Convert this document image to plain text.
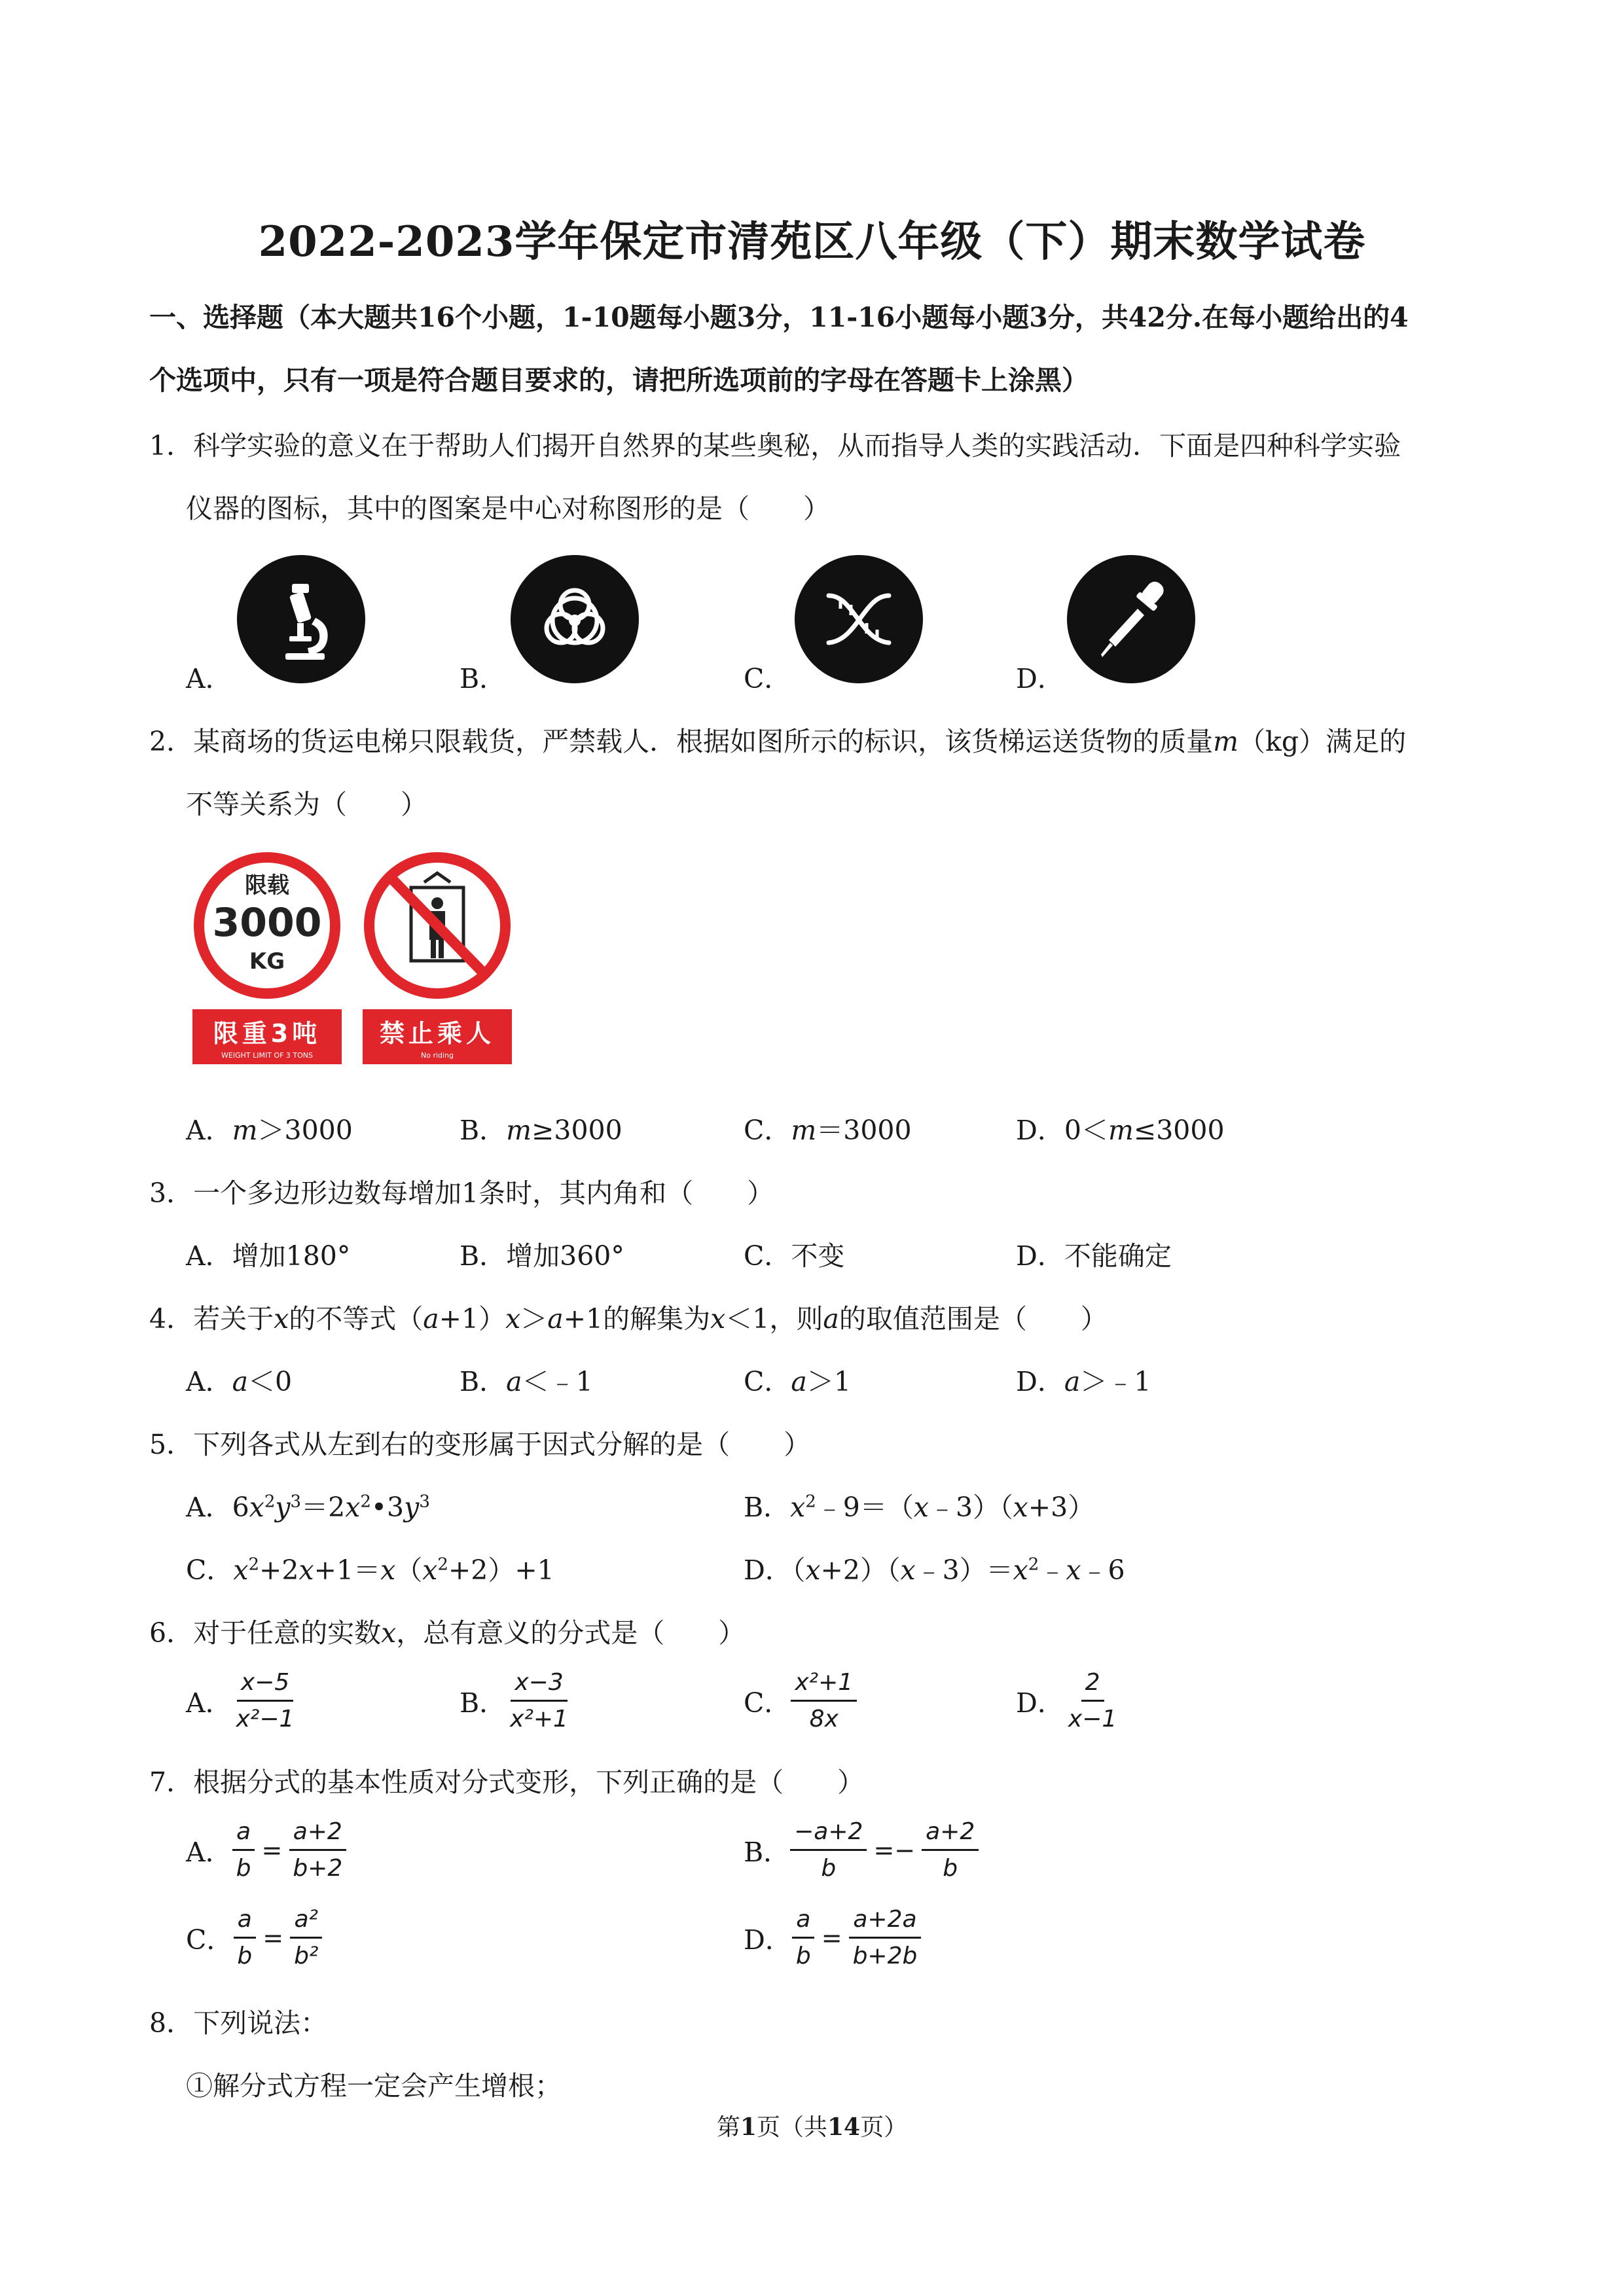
2022-2023学年保定市清苑区八年级（下）期末数学试卷
一、选择题（本大题共16个小题，1-10题每小题3分，11-16小题每小题3分，共42分.在每小题给出的4
个选项中，只有一项是符合题目要求的，请把所选项前的字母在答题卡上涂黑）
1．科学实验的意义在于帮助人们揭开自然界的某些奥秘，从而指导人类的实践活动．下面是四种科学实验
仪器的图标，其中的图案是中心对称图形的是（　　）
A．	B．	C．	D．
2．某商场的货运电梯只限载货，严禁载人．根据如图所示的标识，该货梯运送货物的质量m（kg）满足的
不等关系为（　　）
限载
3000
KG
限重3吨
WEIGHT LIMIT OF 3 TONS
禁止乘人
No riding
A．m＞3000	B．m≥3000	C．m＝3000	D．0＜m≤3000
3．一个多边形边数每增加1条时，其内角和（　　）
A．增加180°	B．增加360°	C．不变	D．不能确定
4．若关于x的不等式（a+1）x＞a+1的解集为x＜1，则a的取值范围是（　　）
A．a＜0	B．a＜﹣1	C．a＞1	D．a＞﹣1
5．下列各式从左到右的变形属于因式分解的是（　　）
A．$6x^2y^3=2x^2•3y^3$	B．$x^2﹣9=(x﹣3)(x+3)$
C．$x^2+2x+1=x(x^2+2)+1$	D．$(x+2)(x﹣3)=x^2﹣x﹣6$
6．对于任意的实数x，总有意义的分式是（　　）
A． $\frac{x-5}{\text{x²−1}}$	B． $\frac{x-3}{\text{x²+1}}$	C． $\frac{\text{x²+1}}{8x}$	D． $\frac{2}{x-1}$
7．根据分式的基本性质对分式变形，下列正确的是（　　）
A． $\frac{a}{b} = \frac{a+2}{b+2}$	B． $\frac{-a+2}{b} =- \frac{a+2}{b}$
C． $\frac{a}{b} = \frac{\text{a²}}{\text{b²}}$	D． $\frac{a}{b} = \frac{a+2a}{b+2b}$
8．下列说法：
①解分式方程一定会产生增根；
第1页（共14页）
